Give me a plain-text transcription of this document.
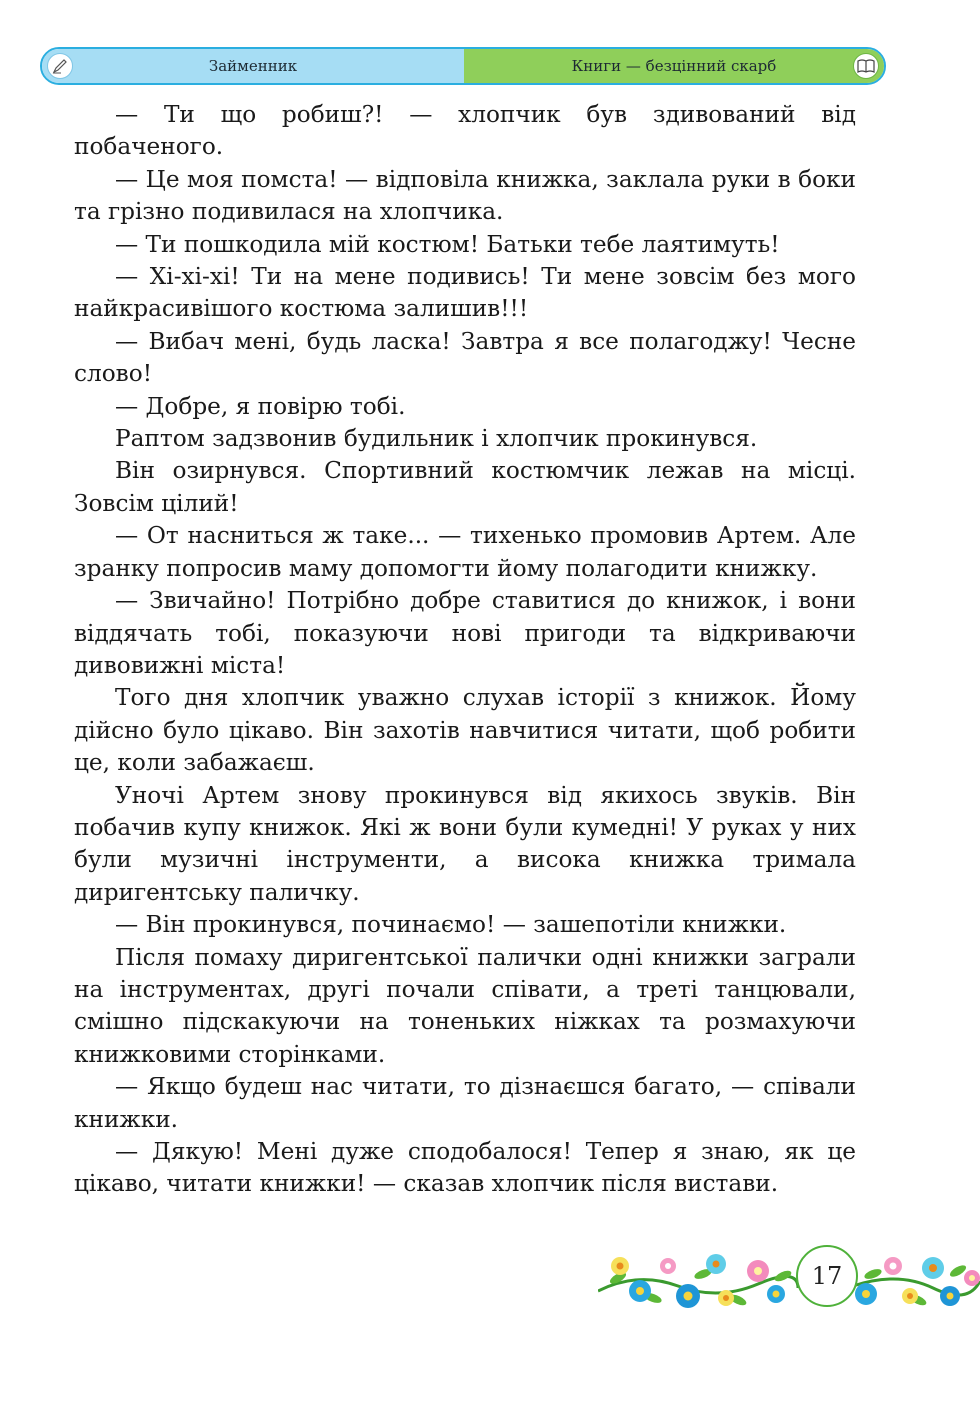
Займенник	Книги — безцінний скарб

— Ти що робиш?! — хлопчик був здивований від побаченого.

— Це моя помста! — відповіла книжка, заклала руки в боки та грізно подивилася на хлопчика.

— Ти пошкодила мій костюм! Батьки тебе лаятимуть!

— Хі-хі-хі! Ти на мене подивись! Ти мене зовсім без мого найкрасивішого костюма залишив!!!

— Вибач мені, будь ласка! Завтра я все полагоджу! Чесне слово!

— Добре, я повірю тобі.

Раптом задзвонив будильник і хлопчик прокинувся.

Він озирнувся. Спортивний костюмчик лежав на місці. Зовсім цілий!

— От насниться ж таке... — тихенько промовив Артем. Але зранку попросив маму допомогти йому полагодити книжку.

— Звичайно! Потрібно добре ставитися до книжок, і вони віддячать тобі, показуючи нові пригоди та відкриваючи дивовижні міста!

Того дня хлопчик уважно слухав історії з книжок. Йому дійсно було цікаво. Він захотів навчитися читати, щоб робити це, коли забажаєш.

Уночі Артем знову прокинувся від якихось звуків. Він побачив купу книжок. Які ж вони були кумедні! У руках у них були музичні інструменти, а висока книжка тримала диригентську паличку.

— Він прокинувся, починаємо! — зашепотіли книжки.

Після помаху диригентської палички одні книжки заграли на інструментах, другі почали співати, а треті танцювали, смішно підскакуючи на тоненьких ніжках та розмахуючи книжковими сторінками.

— Якщо будеш нас читати, то дізнаєшся багато, — співали книжки.

— Дякую! Мені дуже сподобалося! Тепер я знаю, як це цікаво, читати книжки! — сказав хлопчик після вистави.

17
